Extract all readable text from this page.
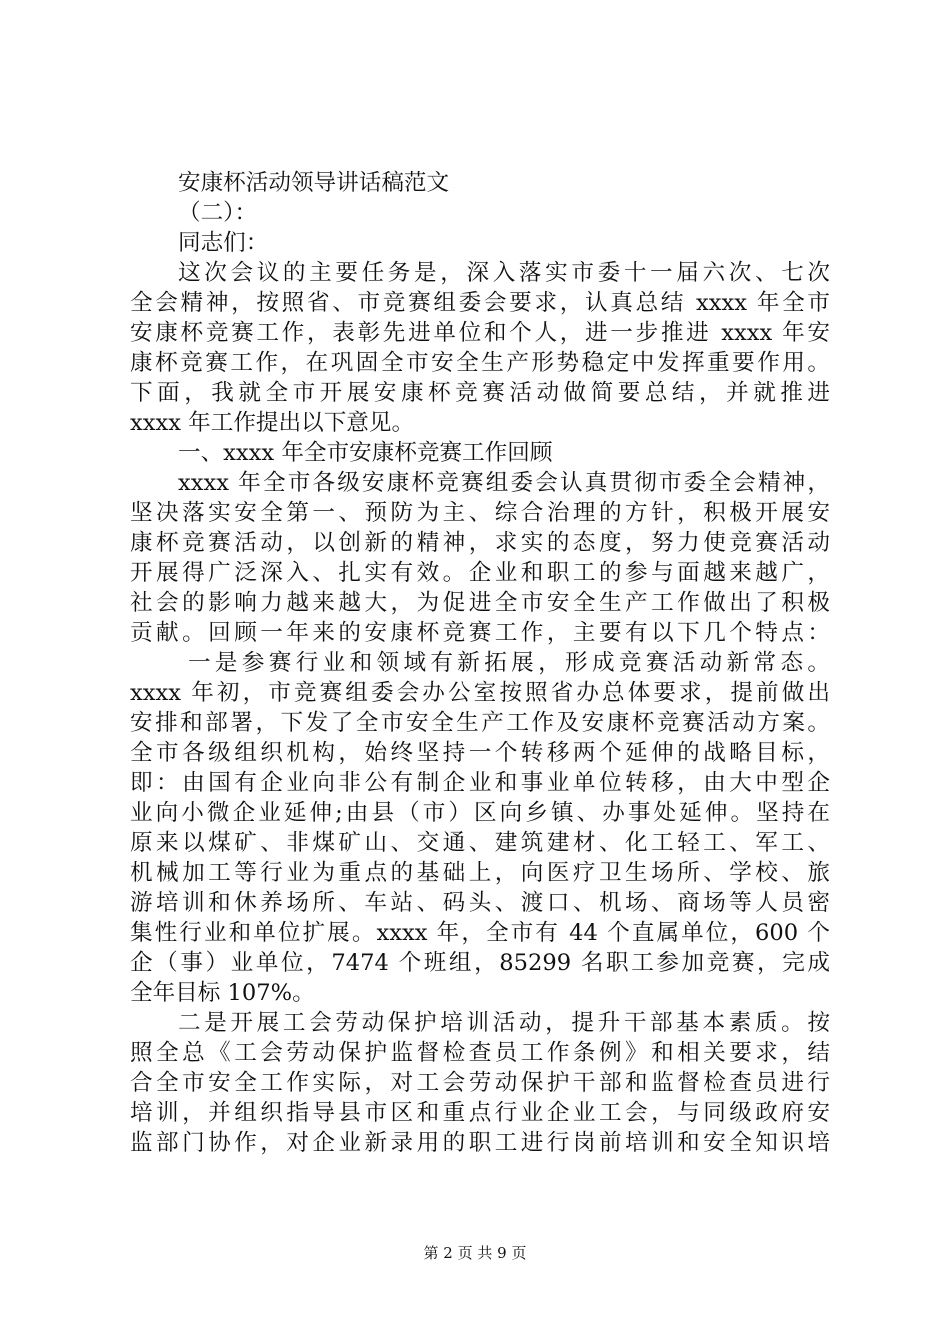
安康杯活动领导讲话稿范文
（二）：
同志们：
这次会议的主要任务是，深入落实市委十一届六次、七次
全会精神，按照省、市竞赛组委会要求，认真总结 xxxx 年全市
安康杯竞赛工作，表彰先进单位和个人，进一步推进 xxxx 年安
康杯竞赛工作，在巩固全市安全生产形势稳定中发挥重要作用。
下面，我就全市开展安康杯竞赛活动做简要总结，并就推进
xxxx 年工作提出以下意见。
一、xxxx 年全市安康杯竞赛工作回顾
xxxx 年全市各级安康杯竞赛组委会认真贯彻市委全会精神，
坚决落实安全第一、预防为主、综合治理的方针，积极开展安
康杯竞赛活动，以创新的精神，求实的态度，努力使竞赛活动
开展得广泛深入、扎实有效。企业和职工的参与面越来越广，
社会的影响力越来越大，为促进全市安全生产工作做出了积极
贡献。回顾一年来的安康杯竞赛工作，主要有以下几个特点：
一是参赛行业和领域有新拓展，形成竞赛活动新常态。
xxxx 年初，市竞赛组委会办公室按照省办总体要求，提前做出
安排和部署，下发了全市安全生产工作及安康杯竞赛活动方案。
全市各级组织机构，始终坚持一个转移两个延伸的战略目标，
即：由国有企业向非公有制企业和事业单位转移，由大中型企
业向小微企业延伸;由县（市）区向乡镇、办事处延伸。坚持在
原来以煤矿、非煤矿山、交通、建筑建材、化工轻工、军工、
机械加工等行业为重点的基础上，向医疗卫生场所、学校、旅
游培训和休养场所、车站、码头、渡口、机场、商场等人员密
集性行业和单位扩展。xxxx 年，全市有 44 个直属单位，600 个
企（事）业单位，7474 个班组，85299 名职工参加竞赛，完成
全年目标 107%。
二是开展工会劳动保护培训活动，提升干部基本素质。按
照全总《工会劳动保护监督检查员工作条例》和相关要求，结
合全市安全工作实际，对工会劳动保护干部和监督检查员进行
培训，并组织指导县市区和重点行业企业工会，与同级政府安
监部门协作，对企业新录用的职工进行岗前培训和安全知识培
第 2 页 共 9 页
